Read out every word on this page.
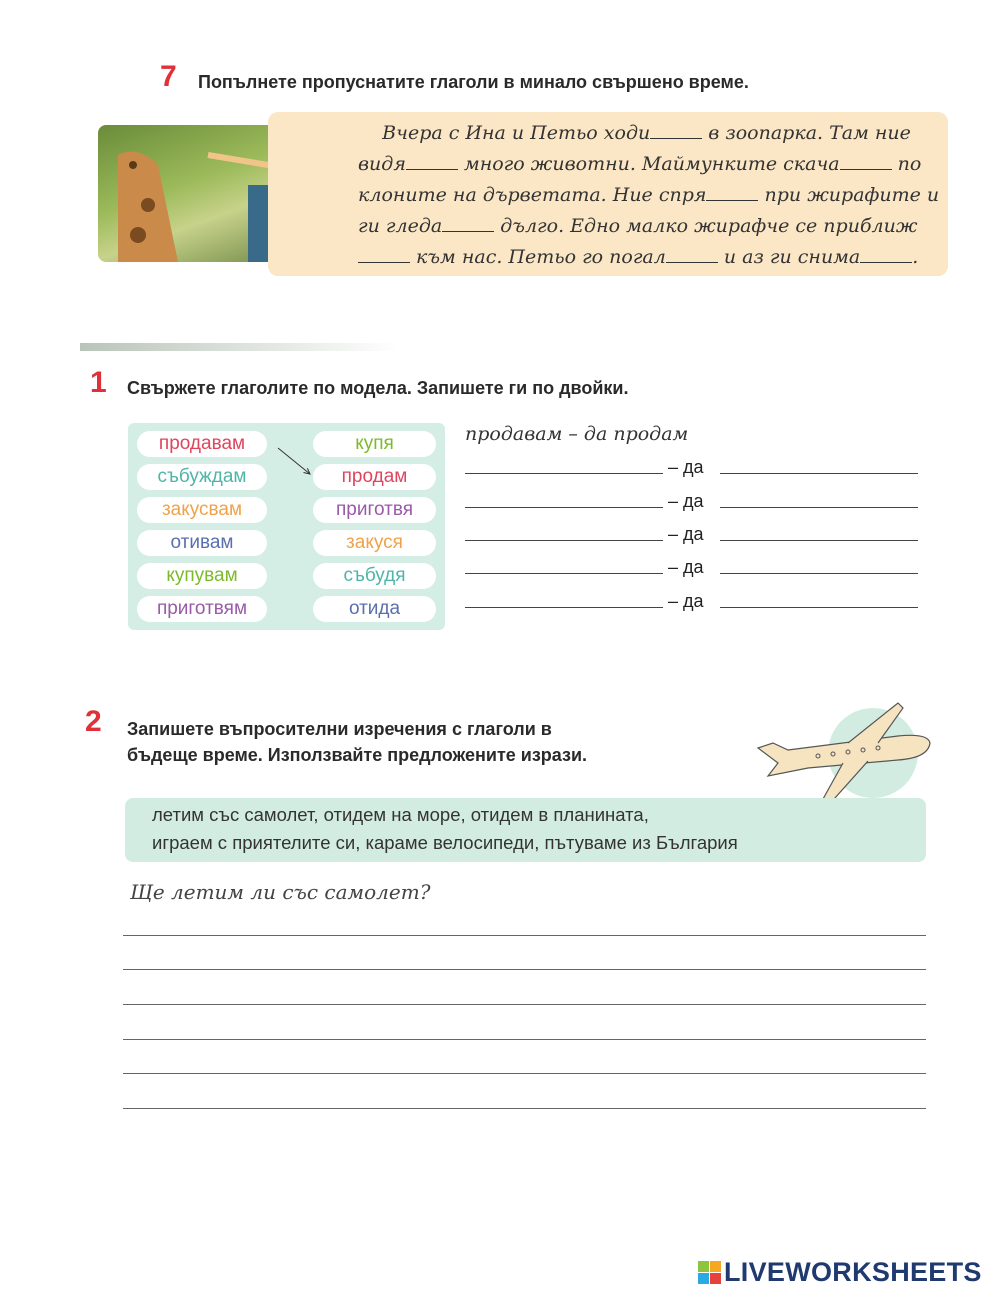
7 Попълнете пропуснатите глаголи в минало свършено време.
Вчера с Ина и Петьо ходи	в зоопарка. Там ние видя	много животни. Маймунките скача	по клоните на дърветата. Ние спря	при жирафите и ги гледа	дълго. Едно малко жирафче се приближ към нас. Петьо го погал	и аз ги снима	.
1 Свържете глаголите по модела. Запишете ги по двойки.
продавам
събуждам
закусвам
отивам
купувам
приготвям
купя
продам
приготвя
закуся
събудя
отида
продавам – да продам
– да
– да
– да
– да
– да
2 Запишете въпросителни изречения с глаголи в
бъдеще време. Използвайте предложените изрази.
летим със самолет, отидем на море, отидем в планината,
играем с приятелите си, караме велосипеди, пътуваме из България
Ще летим ли със самолет?
LIVEWORKSHEETS
